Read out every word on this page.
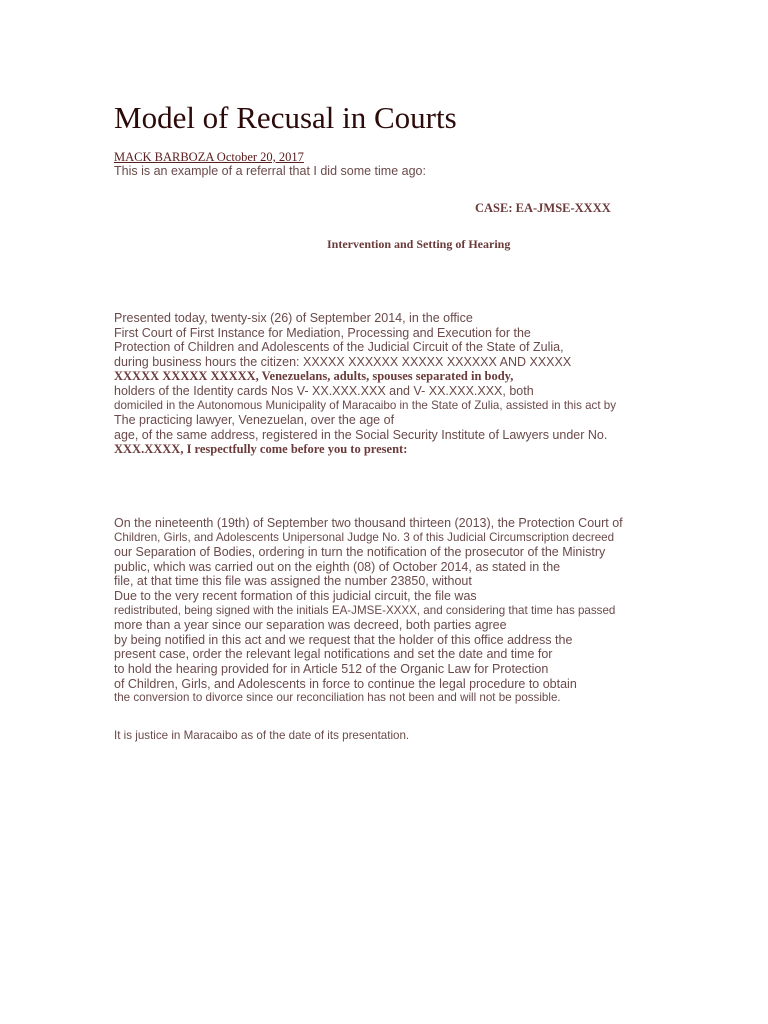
Model of Recusal in Courts
MACK BARBOZA October 20, 2017
This is an example of a referral that I did some time ago:
CASE: EA-JMSE-XXXX
Intervention and Setting of Hearing
Presented today, twenty-six (26) of September 2014, in the office
First Court of First Instance for Mediation, Processing and Execution for the
Protection of Children and Adolescents of the Judicial Circuit of the State of Zulia,
during business hours the citizen: XXXXX XXXXXX XXXXX XXXXXX AND XXXXX
XXXXX XXXXX XXXXX, Venezuelans, adults, spouses separated in body,
holders of the Identity cards Nos V- XX.XXX.XXX and V- XX.XXX.XXX, both
domiciled in the Autonomous Municipality of Maracaibo in the State of Zulia, assisted in this act by
The practicing lawyer, Venezuelan, over the age of
age, of the same address, registered in the Social Security Institute of Lawyers under No.
XXX.XXXX, I respectfully come before you to present:
On the nineteenth (19th) of September two thousand thirteen (2013), the Protection Court of
Children, Girls, and Adolescents Unipersonal Judge No. 3 of this Judicial Circumscription decreed
our Separation of Bodies, ordering in turn the notification of the prosecutor of the Ministry
public, which was carried out on the eighth (08) of October 2014, as stated in the
file, at that time this file was assigned the number 23850, without
Due to the very recent formation of this judicial circuit, the file was
redistributed, being signed with the initials EA-JMSE-XXXX, and considering that time has passed
more than a year since our separation was decreed, both parties agree
by being notified in this act and we request that the holder of this office address the
present case, order the relevant legal notifications and set the date and time for
to hold the hearing provided for in Article 512 of the Organic Law for Protection
of Children, Girls, and Adolescents in force to continue the legal procedure to obtain
the conversion to divorce since our reconciliation has not been and will not be possible.
It is justice in Maracaibo as of the date of its presentation.
